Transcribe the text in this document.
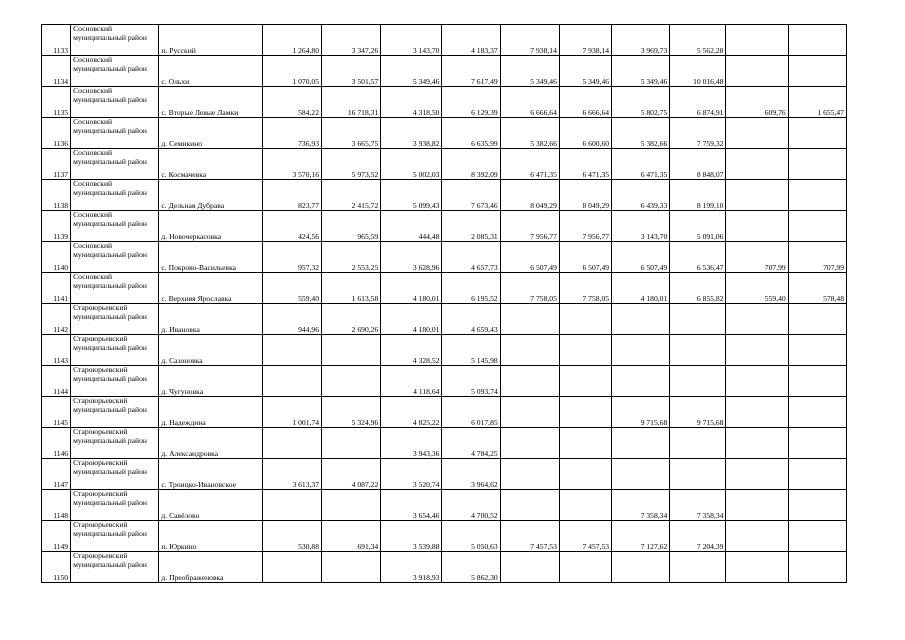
1133	Сосновский муниципальный район	п. Русский	1 264,80	3 347,26	3 143,70	4 183,37	7 938,14	7 938,14	3 969,73	5 562,28		
1134	Сосновский муниципальный район	с. Ольхи	1 070,05	3 501,57	5 349,46	7 617,49	5 349,46	5 349,46	5 349,46	10 016,48		
1135	Сосновский муниципальный район	с. Вторые Левые Ламки	584,22	16 718,31	4 318,50	6 129,39	6 666,64	6 666,64	5 802,75	6 874,91	609,76	1 655,47
1136	Сосновский муниципальный район	д. Семикино	736,93	3 665,75	3 938,82	6 635,99	5 382,66	6 600,60	5 382,66	7 759,32		
1137	Сосновский муниципальный район	с. Космачевка	3 570,16	5 973,52	5 002,03	8 392,09	6 471,35	6 471,35	6 471,35	8 848,07		
1138	Сосновский муниципальный район	с. Дельная Дубрава	823,77	2 415,72	5 099,43	7 673,46	8 049,29	8 049,29	6 439,33	8 199,10		
1139	Сосновский муниципальный район	д. Новочеркасовка	424,56	965,59	444,48	2 085,31	7 956,77	7 956,77	3 143,70	5 091,06		
1140	Сосновский муниципальный район	с. Покрово-Васильевка	957,32	2 553,25	3 628,96	4 657,73	6 507,49	6 507,49	6 507,49	6 536,47	707,99	707,99
1141	Сосновский муниципальный район	с. Верхняя Ярославка	559,40	1 613,58	4 180,01	6 195,52	7 758,05	7 758,05	4 180,01	6 855,82	559,40	578,48
1142	Староюрьевский муниципальный район	д. Ивановка	944,96	2 690,26	4 180,01	4 659,43						
1143	Староюрьевский муниципальный район	д. Сазоновка			4 328,52	5 145,98						
1144	Староюрьевский муниципальный район	д. Чугуновка			4 118,64	5 093,74						
1145	Староюрьевский муниципальный район	д. Надеждина	1 001,74	5 324,96	4 825,22	6 017,85			9 715,68	9 715,68		
1146	Староюрьевский муниципальный район	д. Александровка			3 943,36	4 784,25						
1147	Староюрьевский муниципальный район	с. Троицко-Ивановское	3 613,37	4 087,22	3 520,74	3 964,62						
1148	Староюрьевский муниципальный район	д. Савёлово			3 654,46	4 700,52			7 358,34	7 358,34		
1149	Староюрьевский муниципальный район	п. Юркино	530,88	691,34	3 539,88	5 050,63	7 457,53	7 457,53	7 127,62	7 204,39		
1150	Староюрьевский муниципальный район	д. Преображеновка			3 918,93	5 862,30						
